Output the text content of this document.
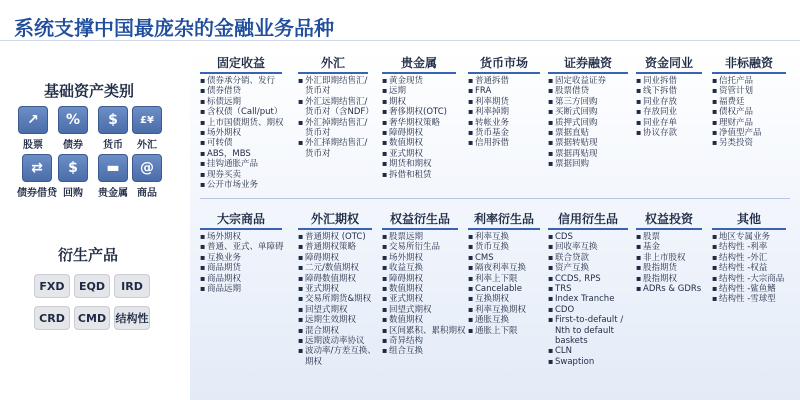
系统支撑中国最庞杂的金融业务品种
基础资产类别
↗
股票
%
债券
$
货币
£¥
外汇
⇄
债券借贷
$
回购
▬
贵金属
@
商品
衍生产品
FXD	EQD	IRD
CRD	CMD 结构性
固定收益
▪ 债券承分销、发行
▪ 债券借贷
▪ 标债远期
▪ 含权债（Call/put）
▪ 上市国债期货、期权
▪ 场外期权
▪ 可转债
▪ ABS，MBS
▪ 挂钩通胀产品
▪ 现券买卖
▪ 公开市场业务
外汇
▪ 外汇即期结售汇/货币对
▪ 外汇远期结售汇/货币对（含NDF）
▪ 外汇掉期结售汇/货币对
▪ 外汇择期结售汇/货币对
贵金属
▪ 黄金现货
▪ 远期
▪ 期权
▪ 奢侈期权(OTC)
▪ 奢华期权策略
▪ 障碍期权
▪ 数值期权
▪ 亚式期权
▪ 期货和期权
▪ 拆借和租赁
货币市场
▪ 普通拆借
▪ FRA
▪ 利率期货
▪ 利率掉期
▪ 转帐业务
▪ 货币基金
▪ 信用拆借
证券融资
▪ 固定收益证券
▪ 股票借贷
▪ 第三方回购
▪ 买断式回购
▪ 质押式回购
▪ 票据直贴
▪ 票据转贴现
▪ 票据再贴现
▪ 票据回购
资金同业
▪ 同业拆借
▪ 线下拆借
▪ 同业存放
▪ 存放同业
▪ 同业存单
▪ 协议存款
非标融资
▪ 信托产品
▪ 资管计划
▪ 福费廷
▪ 债权产品
▪ 理财产品
▪ 净值型产品
▪ 另类投资
大宗商品
▪ 场外期权
▪ 普通、亚式、单障碍
▪ 互换业务
▪ 商品期货
▪ 商品期权
▪ 商品远期
外汇期权
▪ 普通期权 (OTC)
▪ 普通期权策略
▪ 障碍期权
▪ 二元/数值期权
▪ 障碍数值期权
▪ 亚式期权
▪ 交易所期货&期权
▪ 回望式期权
▪ 远期生效期权
▪ 混合期权
▪ 远期波动率协议
▪ 波动率/方差互换、期权
权益衍生品
▪ 股票远期
▪ 交易所衍生品
▪ 场外期权
▪ 收益互换
▪ 障碍期权
▪ 数值期权
▪ 亚式期权
▪ 回望式期权
▪ 数值期权
▪ 区间累积、累积期权
▪ 奇异结构
▪ 组合互换
利率衍生品
▪ 利率互换
▪ 货币互换
▪ CMS
▪ 隔夜利率互换
▪ 利率上下限
▪ Cancelable
▪ 互换期权
▪ 利率互换期权
▪ 通胀互换
▪ 通胀上下限
信用衍生品
▪ CDS
▪ 回收率互换
▪ 联合贷款
▪ 资产互换
▪ CCDS, RPS
▪ TRS
▪ Index Tranche
▪ CDO
▪ First-to-default / Nth to default baskets
▪ CLN
▪ Swaption
权益投资
▪ 股票
▪ 基金
▪ 非上市股权
▪ 股指期货
▪ 股指期权
▪ ADRs & GDRs
其他
▪ 地区专属业务
▪ 结构性 -利率
▪ 结构性 -外汇
▪ 结构性 -权益
▪ 结构性 -大宗商品
▪ 结构性 -鲨鱼鳍
▪ 结构性 -雪球型
